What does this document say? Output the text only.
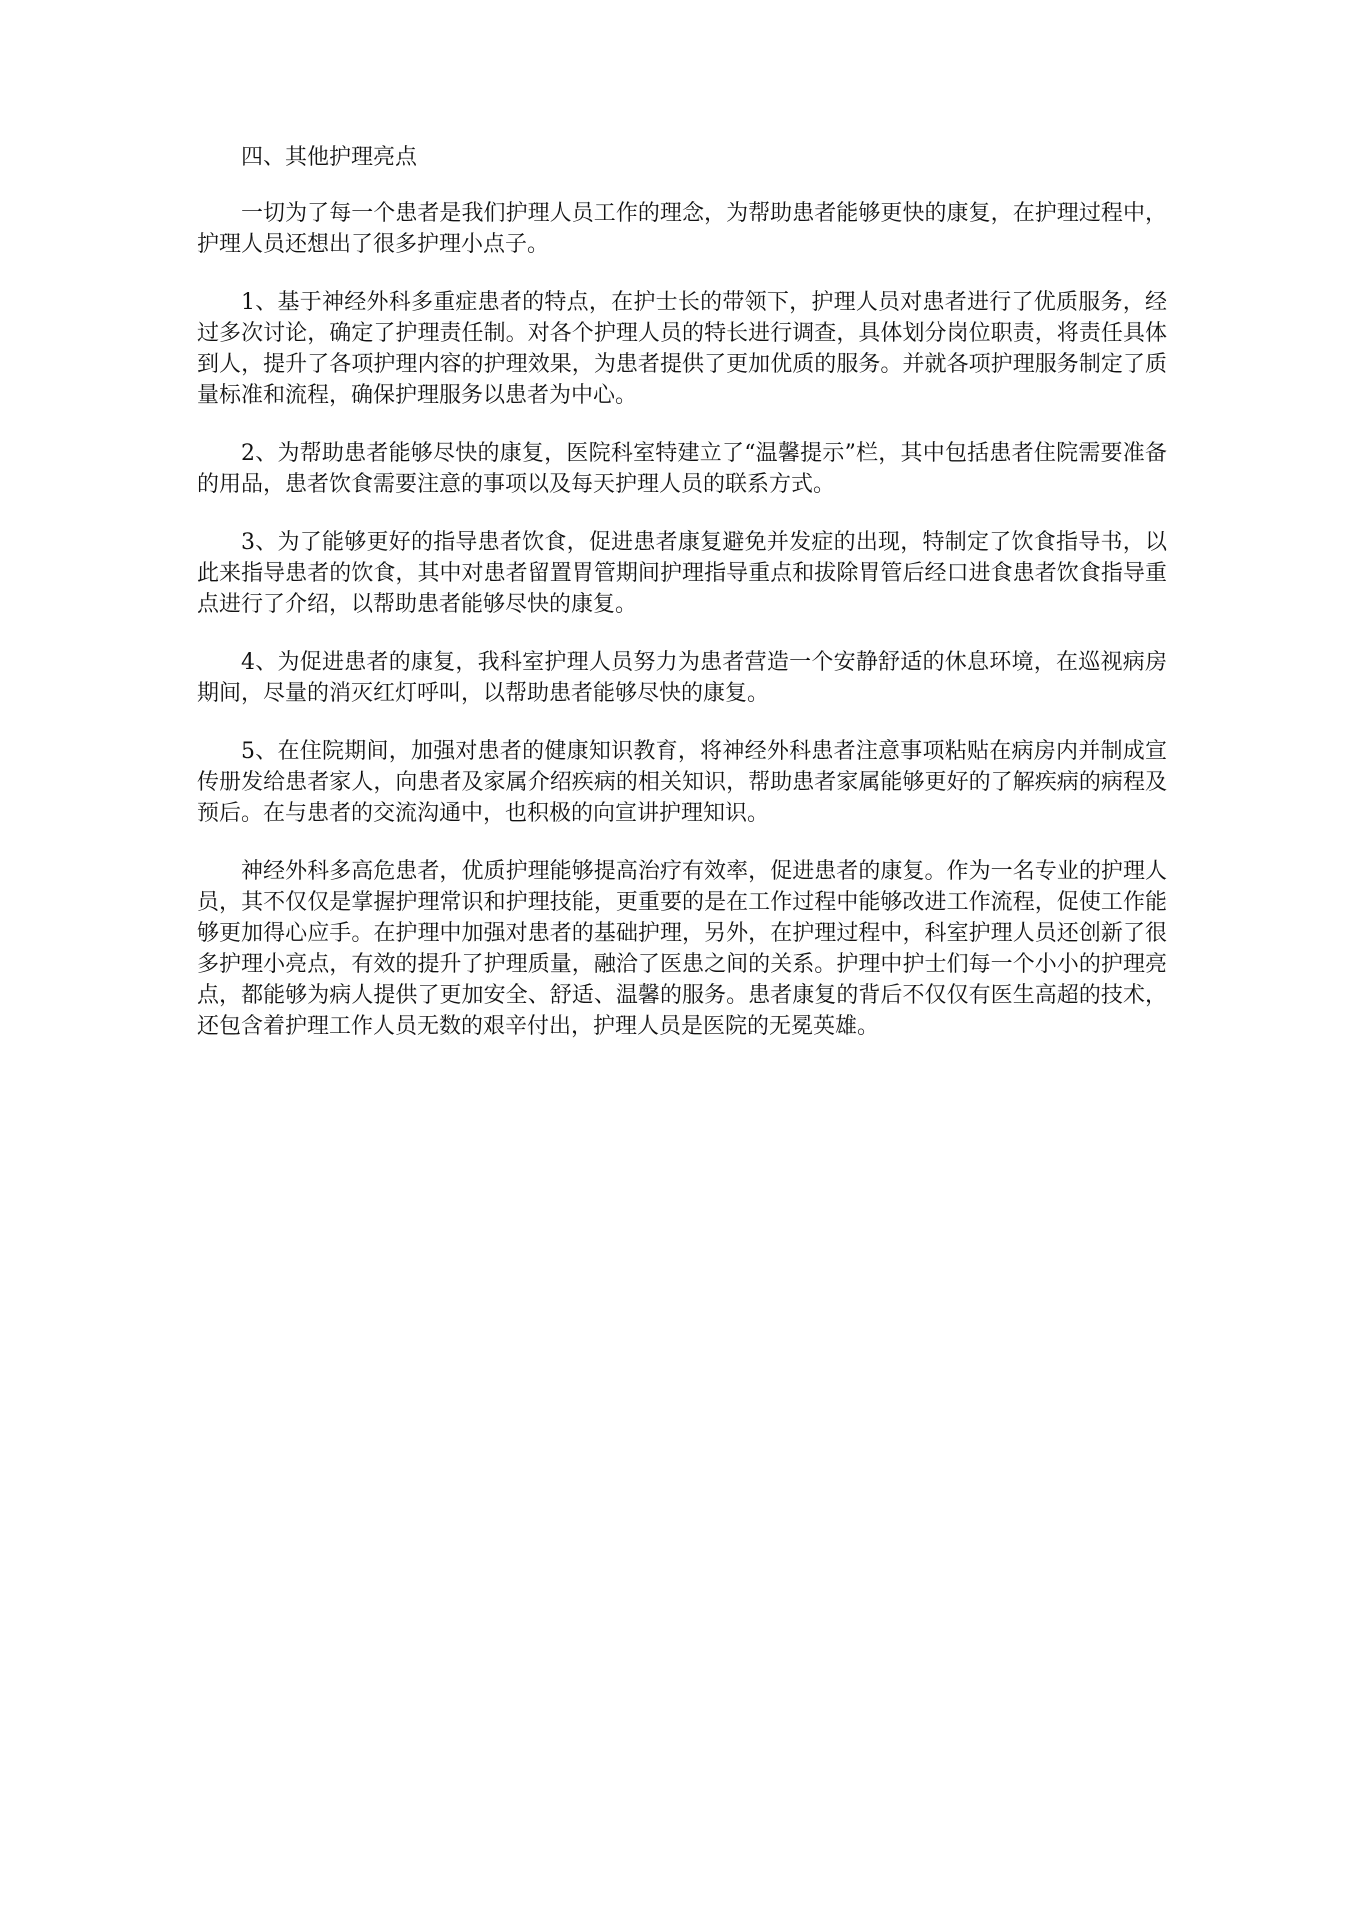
四、其他护理亮点

一切为了每一个患者是我们护理人员工作的理念，为帮助患者能够更快的康复，在护理过程中，护理人员还想出了很多护理小点子。

1、基于神经外科多重症患者的特点，在护士长的带领下，护理人员对患者进行了优质服务，经过多次讨论，确定了护理责任制。对各个护理人员的特长进行调查，具体划分岗位职责，将责任具体到人，提升了各项护理内容的护理效果，为患者提供了更加优质的服务。并就各项护理服务制定了质量标准和流程，确保护理服务以患者为中心。

2、为帮助患者能够尽快的康复，医院科室特建立了“温馨提示”栏，其中包括患者住院需要准备的用品，患者饮食需要注意的事项以及每天护理人员的联系方式。

3、为了能够更好的指导患者饮食，促进患者康复避免并发症的出现，特制定了饮食指导书，以此来指导患者的饮食，其中对患者留置胃管期间护理指导重点和拔除胃管后经口进食患者饮食指导重点进行了介绍，以帮助患者能够尽快的康复。

4、为促进患者的康复，我科室护理人员努力为患者营造一个安静舒适的休息环境，在巡视病房期间，尽量的消灭红灯呼叫，以帮助患者能够尽快的康复。

5、在住院期间，加强对患者的健康知识教育，将神经外科患者注意事项粘贴在病房内并制成宣传册发给患者家人，向患者及家属介绍疾病的相关知识，帮助患者家属能够更好的了解疾病的病程及预后。在与患者的交流沟通中，也积极的向宣讲护理知识。

神经外科多高危患者，优质护理能够提高治疗有效率，促进患者的康复。作为一名专业的护理人员，其不仅仅是掌握护理常识和护理技能，更重要的是在工作过程中能够改进工作流程，促使工作能够更加得心应手。在护理中加强对患者的基础护理，另外，在护理过程中，科室护理人员还创新了很多护理小亮点，有效的提升了护理质量，融洽了医患之间的关系。护理中护士们每一个小小的护理亮点，都能够为病人提供了更加安全、舒适、温馨的服务。患者康复的背后不仅仅有医生高超的技术，还包含着护理工作人员无数的艰辛付出，护理人员是医院的无冕英雄。
